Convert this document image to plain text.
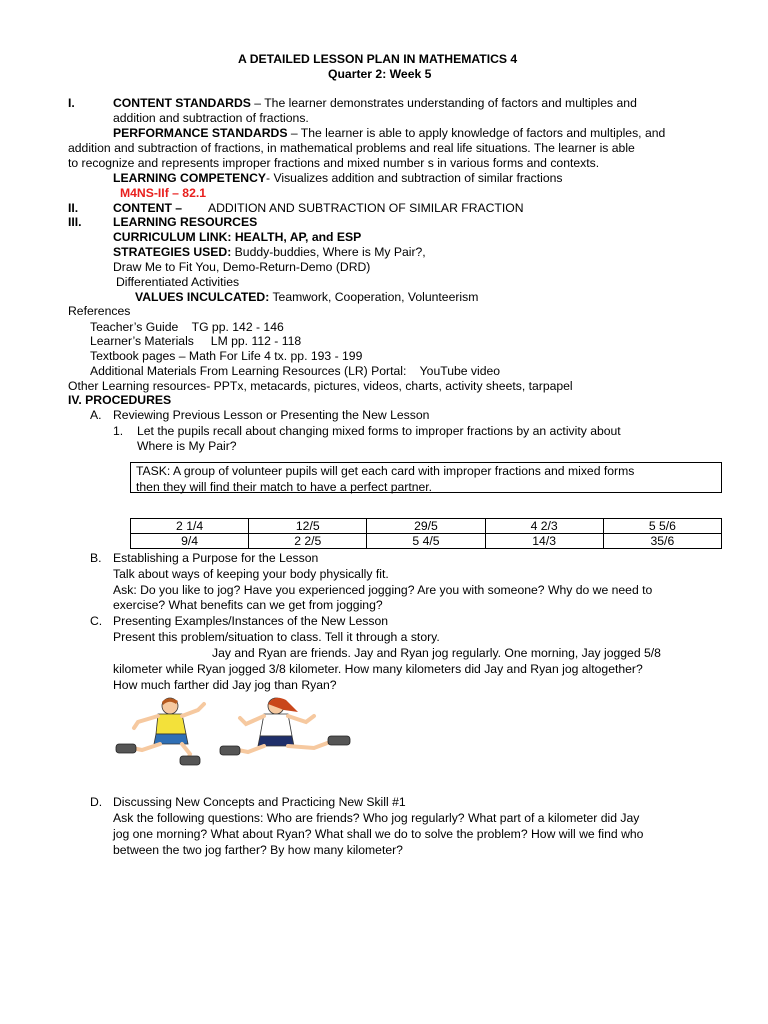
A DETAILED LESSON PLAN IN MATHEMATICS 4
Quarter 2: Week 5
I.	CONTENT STANDARDS – The learner demonstrates understanding of factors and multiples and
addition and subtraction of fractions.
PERFORMANCE STANDARDS – The learner is able to apply knowledge of factors and multiples, and
addition and subtraction of fractions, in mathematical problems and real life situations. The learner is able
to recognize and represents improper fractions and mixed number s in various forms and contexts.
LEARNING COMPETENCY- Visualizes addition and subtraction of similar fractions
M4NS-IIf – 82.1
II.	CONTENT – ADDITION AND SUBTRACTION OF SIMILAR FRACTION
III.	LEARNING RESOURCES
CURRICULUM LINK: HEALTH, AP, and ESP
STRATEGIES USED: Buddy-buddies, Where is My Pair?,
Draw Me to Fit You, Demo-Return-Demo (DRD)
Differentiated Activities
VALUES INCULCATED: Teamwork, Cooperation, Volunteerism
References
Teacher’s Guide    TG pp. 142 - 146
Learner’s Materials     LM pp. 112 - 118
Textbook pages – Math For Life 4 tx. pp. 193 - 199
Additional Materials From Learning Resources (LR) Portal:    YouTube video
Other Learning resources- PPTx, metacards, pictures, videos, charts, activity sheets, tarpapel
IV. PROCEDURES
A. Reviewing Previous Lesson or Presenting the New Lesson
1. Let the pupils recall about changing mixed forms to improper fractions by an activity about
Where is My Pair?
TASK: A group of volunteer pupils will get each card with improper fractions and mixed forms
then they will find their match to have a perfect partner.
2 1/4	12/5	29/5	4 2/3	5 5/6
9/4	2 2/5	5 4/5	14/3	35/6
B. Establishing a Purpose for the Lesson
Talk about ways of keeping your body physically fit.
Ask: Do you like to jog? Have you experienced jogging? Are you with someone? Why do we need to
exercise? What benefits can we get from jogging?
C. Presenting Examples/Instances of the New Lesson
Present this problem/situation to class. Tell it through a story.
Jay and Ryan are friends. Jay and Ryan jog regularly. One morning, Jay jogged 5/8
kilometer while Ryan jogged 3/8 kilometer. How many kilometers did Jay and Ryan jog altogether?
How much farther did Jay jog than Ryan?
D. Discussing New Concepts and Practicing New Skill #1
Ask the following questions: Who are friends? Who jog regularly? What part of a kilometer did Jay
jog one morning? What about Ryan? What shall we do to solve the problem? How will we find who
between the two jog farther? By how many kilometer?
